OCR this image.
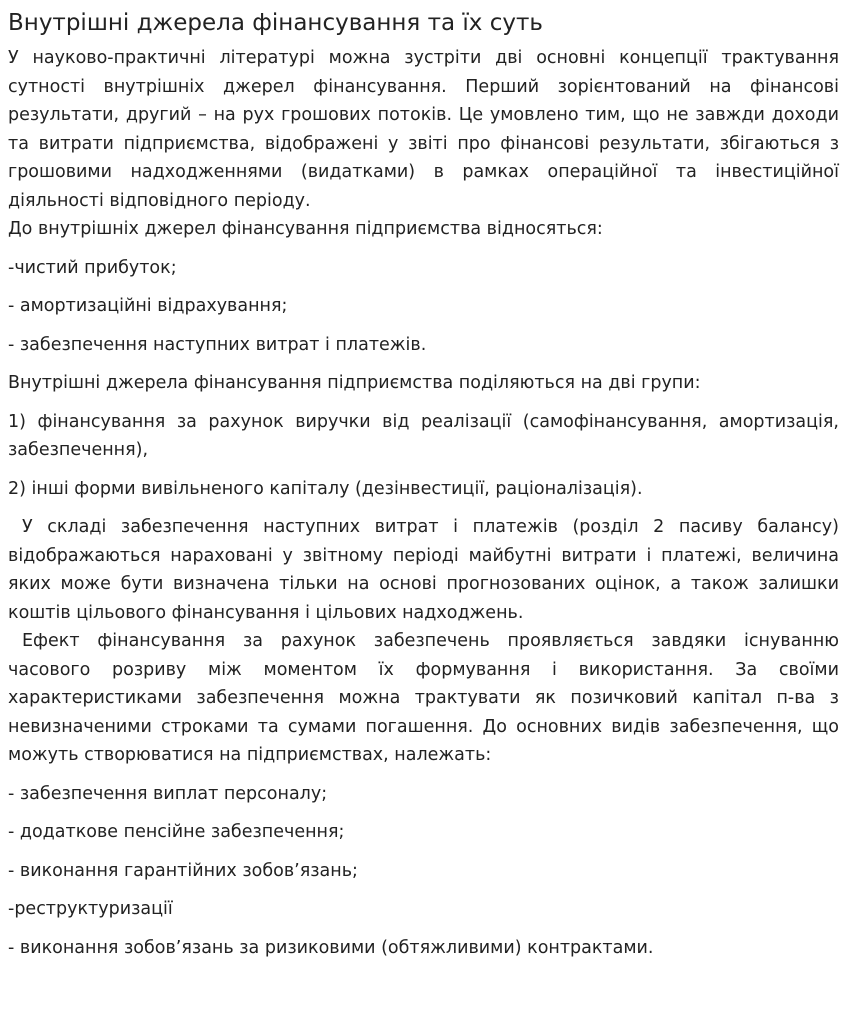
Внутрішні джерела фінансування та їх суть

У науково-практичні літературі можна зустріти дві основні концепції трактування сутності внутрішніх джерел фінансування. Перший зорієнтований на фінансові результати, другий – на рух грошових потоків. Це умовлено тим, що не завжди доходи та витрати підприємства, відображені у звіті про фінансові результати, збігаються з грошовими надходженнями (видатками) в рамках операційної та інвестиційної діяльності відповідного періоду.

До внутрішніх джерел фінансування підприємства відносяться:

-чистий прибуток;

- амортизаційні відрахування;

- забезпечення наступних витрат і платежів.

Внутрішні джерела фінансування підприємства поділяються на дві групи:

1) фінансування за рахунок виручки від реалізації (самофінансування, амортизація, забезпечення),

2) інші форми вивільненого капіталу (дезінвестиції, раціоналізація).

У складі забезпечення наступних витрат і платежів (розділ 2 пасиву балансу) відображаються нараховані у звітному періоді майбутні витрати і платежі, величина яких може бути визначена тільки на основі прогнозованих оцінок, а також залишки коштів цільового фінансування і цільових надходжень.

Ефект фінансування за рахунок забезпечень проявляється завдяки існуванню часового розриву між моментом їх формування і використання. За своїми характеристиками забезпечення можна трактувати як позичковий капітал п-ва з невизначеними строками та сумами погашення. До основних видів забезпечення, що можуть створюватися на підприємствах, належать:

- забезпечення виплат персоналу;

- додаткове пенсійне забезпечення;

- виконання гарантійних зобов’язань;

-реструктуризації

- виконання зобов’язань за ризиковими (обтяжливими) контрактами.
